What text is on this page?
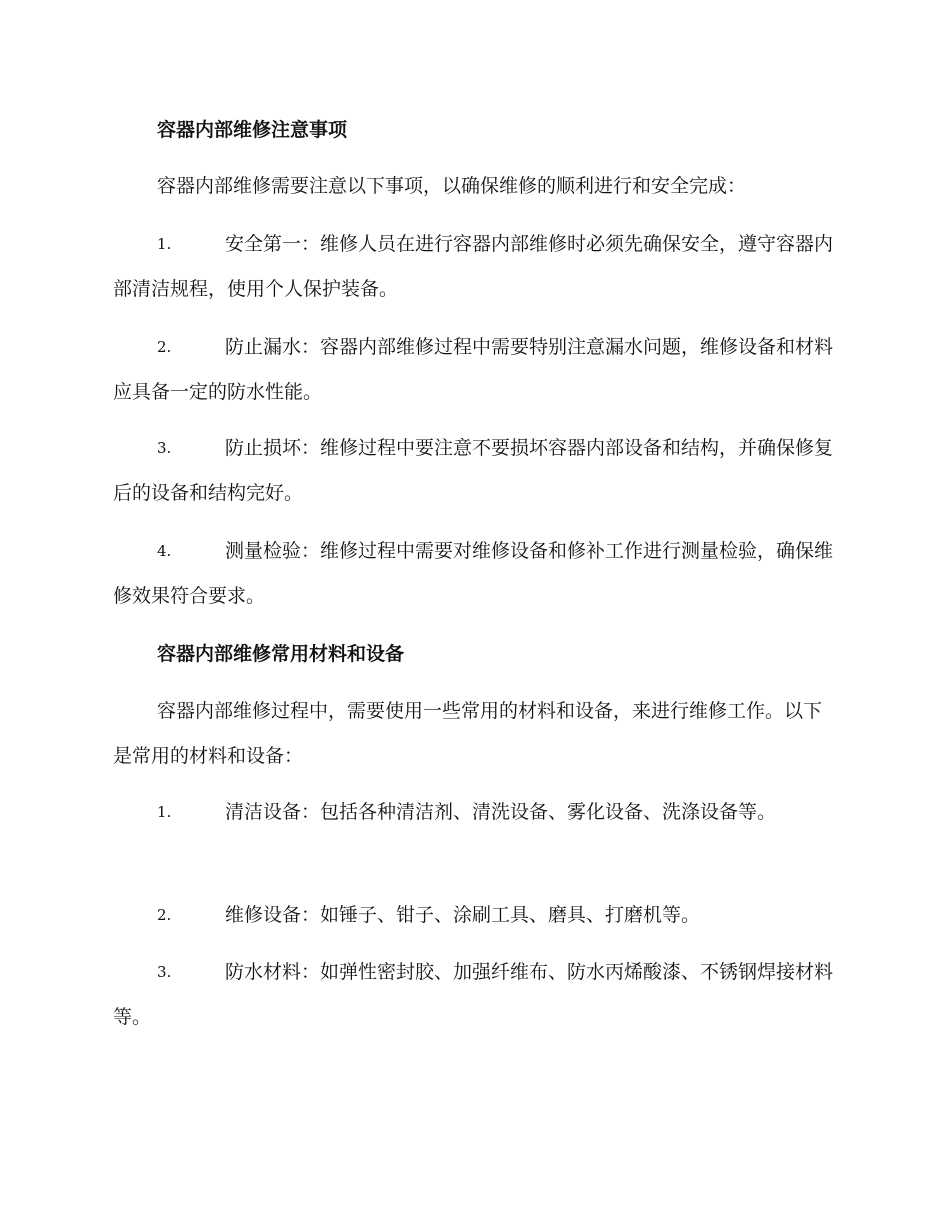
容器内部维修注意事项

容器内部维修需要注意以下事项，以确保维修的顺利进行和安全完成：

1.	安全第一：维修人员在进行容器内部维修时必须先确保安全，遵守容器内部清洁规程，使用个人保护装备。

2.	防止漏水：容器内部维修过程中需要特别注意漏水问题，维修设备和材料应具备一定的防水性能。

3.	防止损坏：维修过程中要注意不要损坏容器内部设备和结构，并确保修复后的设备和结构完好。

4.	测量检验：维修过程中需要对维修设备和修补工作进行测量检验，确保维修效果符合要求。

容器内部维修常用材料和设备

容器内部维修过程中，需要使用一些常用的材料和设备，来进行维修工作。以下是常用的材料和设备：

1.	清洁设备：包括各种清洁剂、清洗设备、雾化设备、洗涤设备等。

2.	维修设备：如锤子、钳子、涂刷工具、磨具、打磨机等。

3.	防水材料：如弹性密封胶、加强纤维布、防水丙烯酸漆、不锈钢焊接材料等。
